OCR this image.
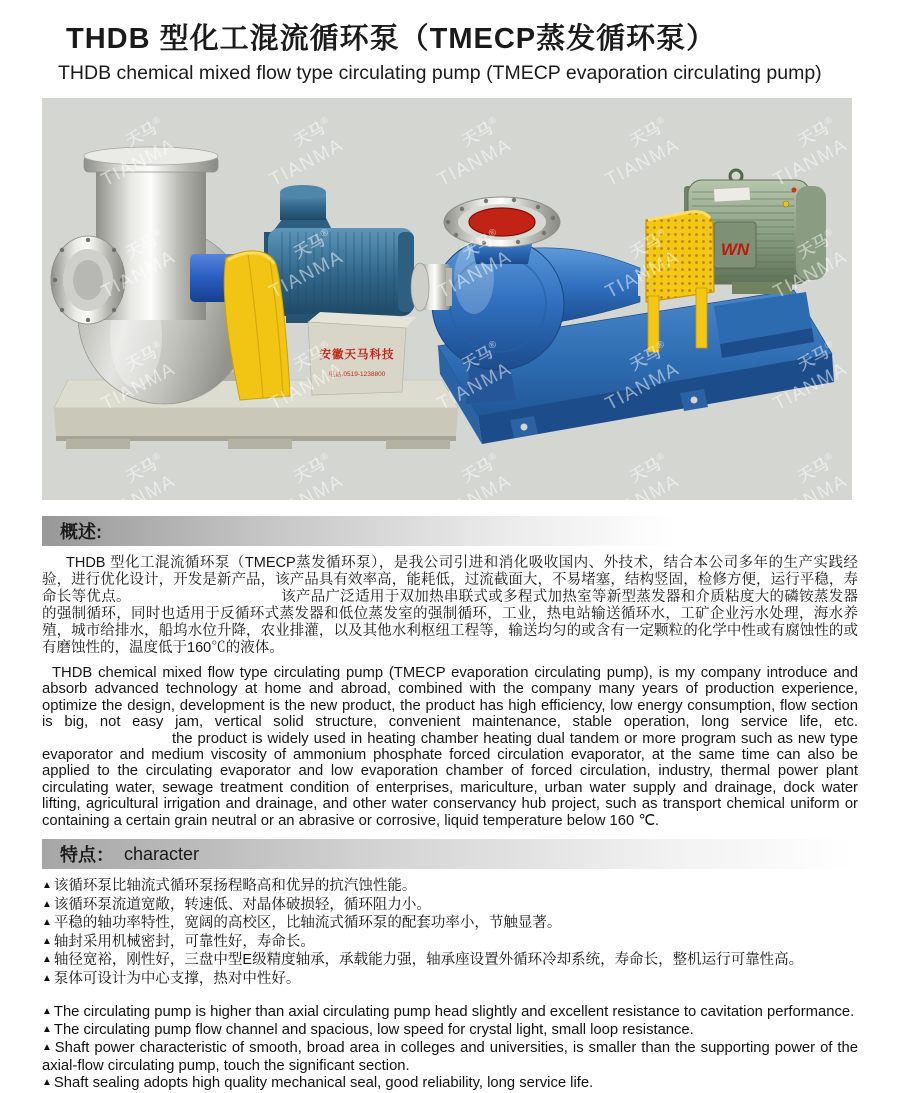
THDB 型化工混流循环泵（TMECP蒸发循环泵）
THDB chemical mixed flow type circulating pump (TMECP evaporation circulating pump)
概述:

THDB 型化工混流循环泵（TMECP蒸发循环泵），是我公司引进和消化吸收国内、外技术，结合本公司多年的生产实践经验，进行优化设计，开发是新产品，该产品具有效率高，能耗低，过流截面大，不易堵塞，结构竖固，检修方便，运行平稳，寿命长等优点。	该产品广泛适用于双加热串联式或多程式加热室等新型蒸发器和介质粘度大的磷铵蒸发器的强制循环，同时也适用于反循环式蒸发器和低位蒸发室的强制循环，工业，热电站输送循环水，工矿企业污水处理，海水养殖，城市给排水，船坞水位升降，农业排灌，以及其他水利枢纽工程等，输送均匀的或含有一定颗粒的化学中性或有腐蚀性的或有磨蚀性的，温度低于160℃的液体。

THDB chemical mixed flow type circulating pump (TMECP evaporation circulating pump), is my company introduce and absorb advanced technology at home and abroad, combined with the company many years of production experience, optimize the design, development is the new product, the product has high efficiency, low energy consumption, flow section is big, not easy jam, vertical solid structure, convenient maintenance, stable operation, long service life, etc.the product is widely used in heating chamber heating dual tandem or more program such as new type evaporator and medium viscosity of ammonium phosphate forced circulation evaporator, at the same time can also be applied to the circulating evaporator and low evaporation chamber of forced circulation, industry, thermal power plant circulating water, sewage treatment condition of enterprises, mariculture, urban water supply and drainage, dock water lifting, agricultural irrigation and drainage, and other water conservancy hub project, such as transport chemical uniform or containing a certain grain neutral or an abrasive or corrosive, liquid temperature below 160 ℃.

特点： character
▲ 该循环泵比轴流式循环泵扬程略高和优异的抗汽蚀性能。
▲ 该循环泵流道宽敞，转速低、对晶体破损轻，循环阻力小。
▲ 平稳的轴功率特性，宽阔的高校区，比轴流式循环泵的配套功率小，节触显著。
▲ 轴封采用机械密封，可靠性好，寿命长。
▲ 轴径宽裕，刚性好，三盘中型E级精度轴承，承载能力强，轴承座设置外循环冷却系统，寿命长，整机运行可靠性高。
▲ 泵体可设计为中心支撑，热对中性好。
▲ The circulating pump is higher than axial circulating pump head slightly and excellent resistance to cavitation performance.
▲ The circulating pump flow channel and spacious, low speed for crystal light, small loop resistance.
▲ Shaft power characteristic of smooth, broad area in colleges and universities, is smaller than the supporting power of the axial-flow circulating pump, touch the significant section.
▲ Shaft sealing adopts high quality mechanical seal, good reliability, long service life.
